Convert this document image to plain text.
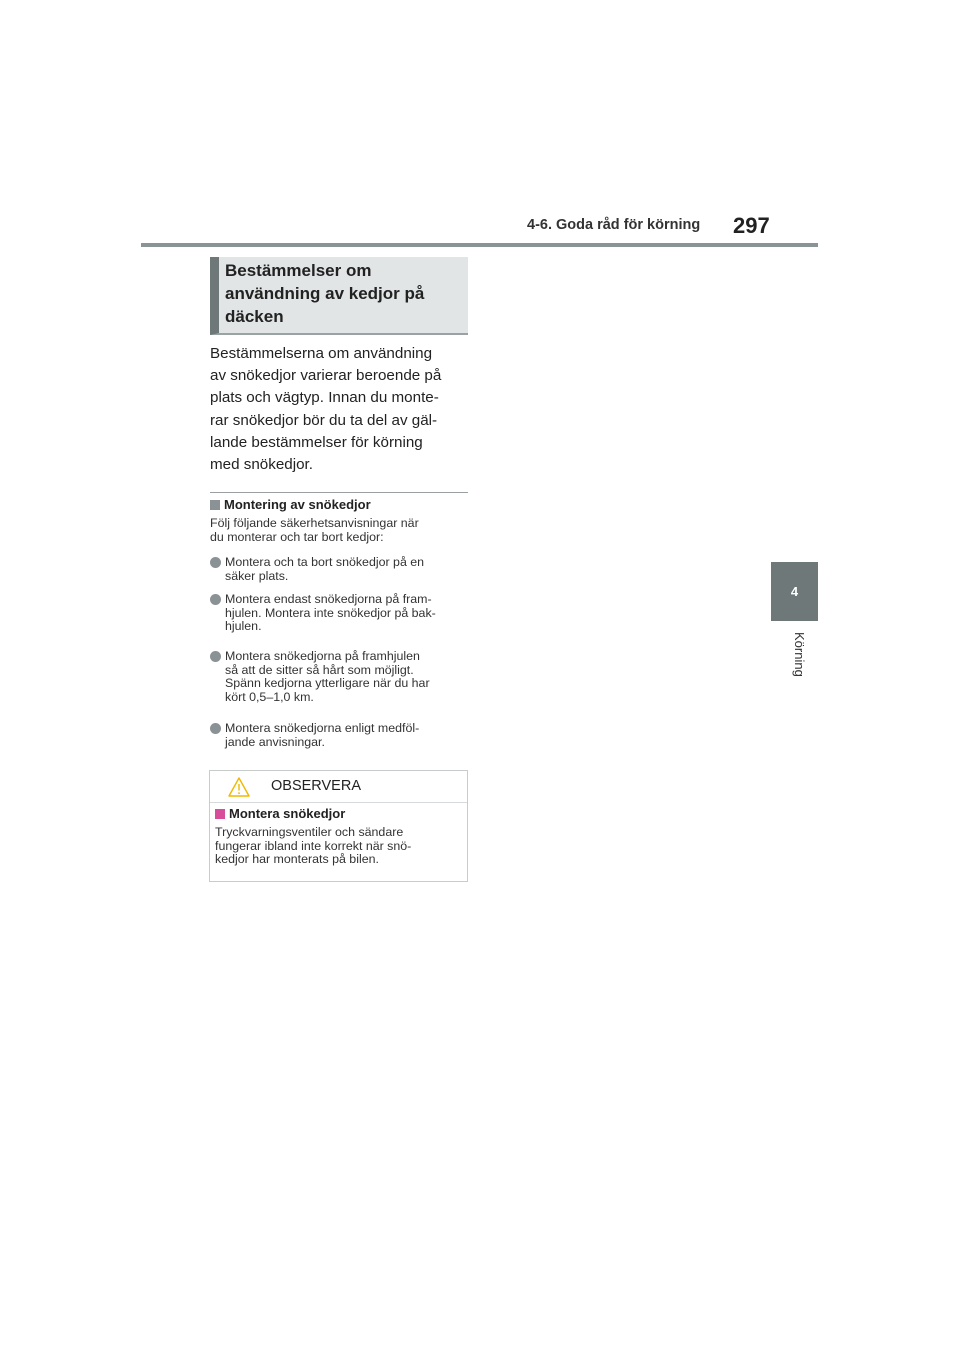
4-6. Goda råd för körning 297
4
Körning
Bestämmelser om
användning av kedjor på
däcken
Bestämmelserna om användning
av snökedjor varierar beroende på
plats och vägtyp. Innan du monte-
rar snökedjor bör du ta del av gäl-
lande bestämmelser för körning
med snökedjor.
Montering av snökedjor
Följ följande säkerhetsanvisningar när
du monterar och tar bort kedjor:
Montera och ta bort snökedjor på en
säker plats.
Montera endast snökedjorna på fram-
hjulen. Montera inte snökedjor på bak-
hjulen.
Montera snökedjorna på framhjulen
så att de sitter så hårt som möjligt.
Spänn kedjorna ytterligare när du har
kört 0,5–1,0 km.
Montera snökedjorna enligt medföl-
jande anvisningar.
OBSERVERA
Montera snökedjor
Tryckvarningsventiler och sändare
fungerar ibland inte korrekt när snö-
kedjor har monterats på bilen.
